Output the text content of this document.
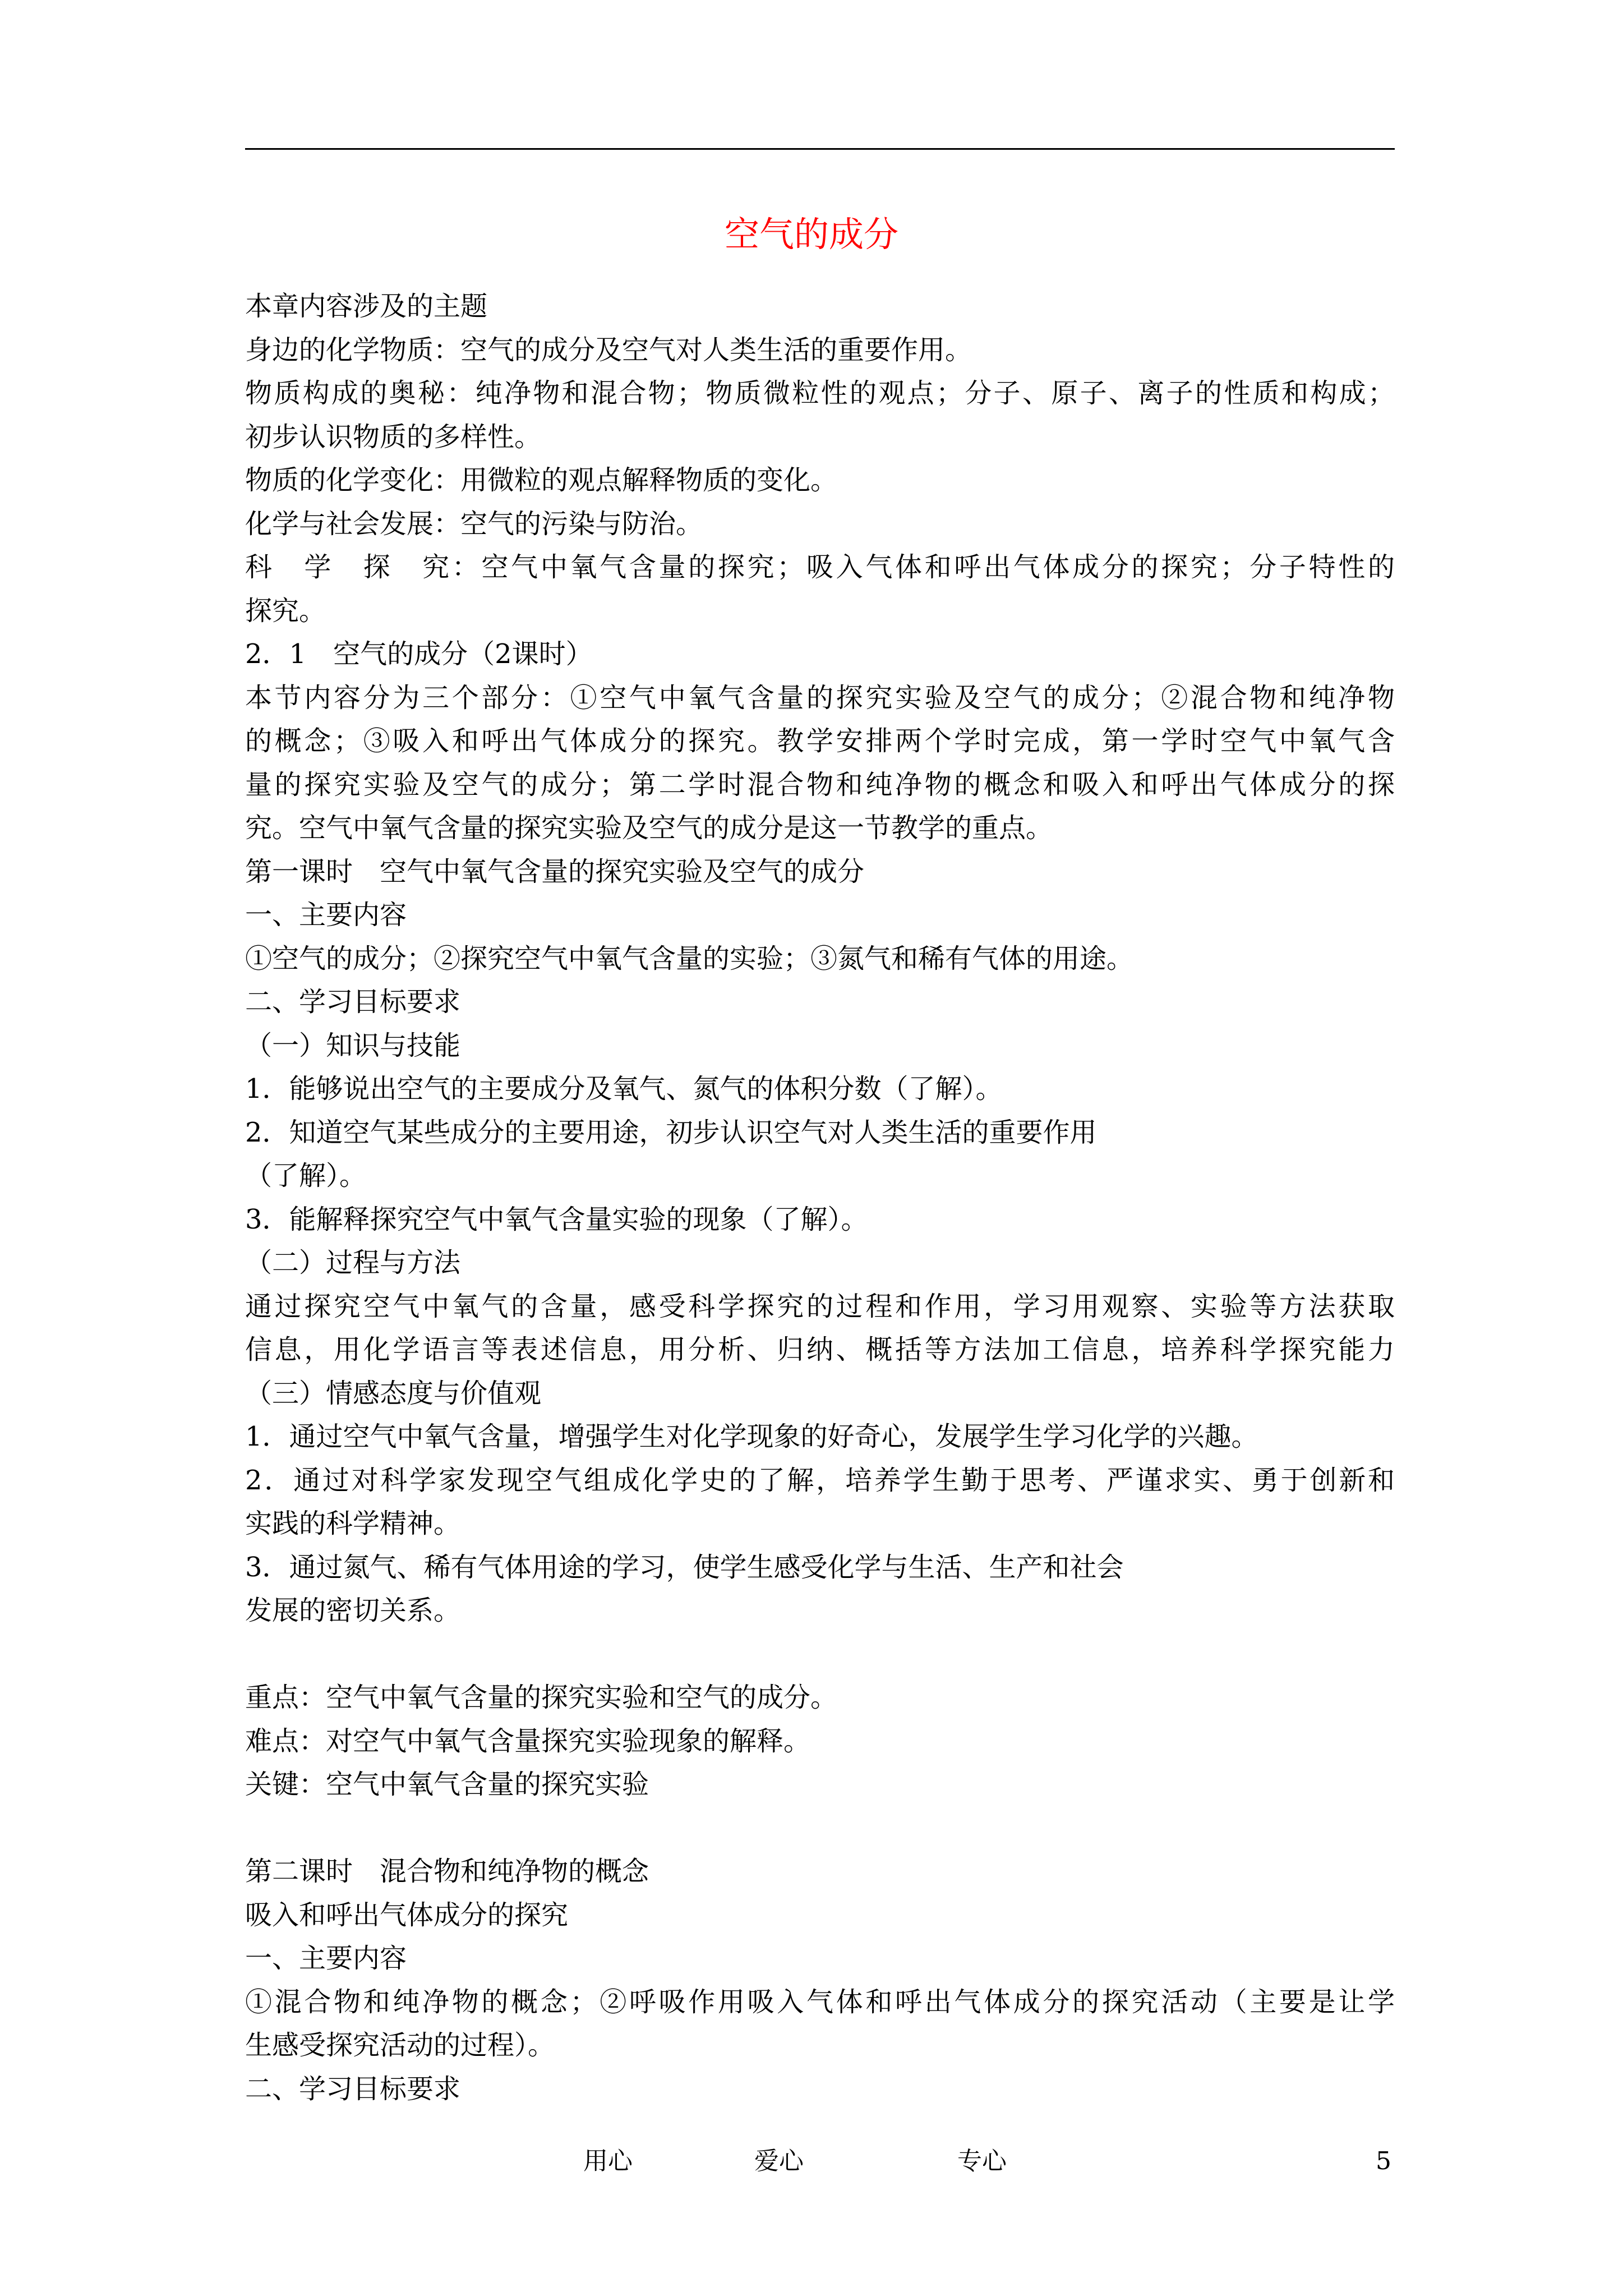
空气的成分
本章内容涉及的主题
身边的化学物质：空气的成分及空气对人类生活的重要作用。
物质构成的奥秘：纯净物和混合物；物质微粒性的观点；分子、原子、离子的性质和构成；
初步认识物质的多样性。
物质的化学变化：用微粒的观点解释物质的变化。
化学与社会发展：空气的污染与防治。
科　学　探　究：空气中氧气含量的探究；吸入气体和呼出气体成分的探究；分子特性的
探究。
2．1　空气的成分（2课时）
本节内容分为三个部分：①空气中氧气含量的探究实验及空气的成分；②混合物和纯净物
的概念；③吸入和呼出气体成分的探究。教学安排两个学时完成，第一学时空气中氧气含
量的探究实验及空气的成分；第二学时混合物和纯净物的概念和吸入和呼出气体成分的探
究。空气中氧气含量的探究实验及空气的成分是这一节教学的重点。
第一课时　空气中氧气含量的探究实验及空气的成分
一、主要内容
①空气的成分；②探究空气中氧气含量的实验；③氮气和稀有气体的用途。
二、学习目标要求
（一）知识与技能
1．能够说出空气的主要成分及氧气、氮气的体积分数（了解）。
2．知道空气某些成分的主要用途，初步认识空气对人类生活的重要作用
（了解）。
3．能解释探究空气中氧气含量实验的现象（了解）。
（二）过程与方法
通过探究空气中氧气的含量，感受科学探究的过程和作用，学习用观察、实验等方法获取
信息，用化学语言等表述信息，用分析、归纳、概括等方法加工信息，培养科学探究能力
（三）情感态度与价值观
1．通过空气中氧气含量，增强学生对化学现象的好奇心，发展学生学习化学的兴趣。
2．通过对科学家发现空气组成化学史的了解，培养学生勤于思考、严谨求实、勇于创新和
实践的科学精神。
3．通过氮气、稀有气体用途的学习，使学生感受化学与生活、生产和社会
发展的密切关系。
重点：空气中氧气含量的探究实验和空气的成分。
难点：对空气中氧气含量探究实验现象的解释。
关键：空气中氧气含量的探究实验
第二课时　混合物和纯净物的概念
吸入和呼出气体成分的探究
一、主要内容
①混合物和纯净物的概念；②呼吸作用吸入气体和呼出气体成分的探究活动（主要是让学
生感受探究活动的过程）。
二、学习目标要求
用心	爱心	专心	5
